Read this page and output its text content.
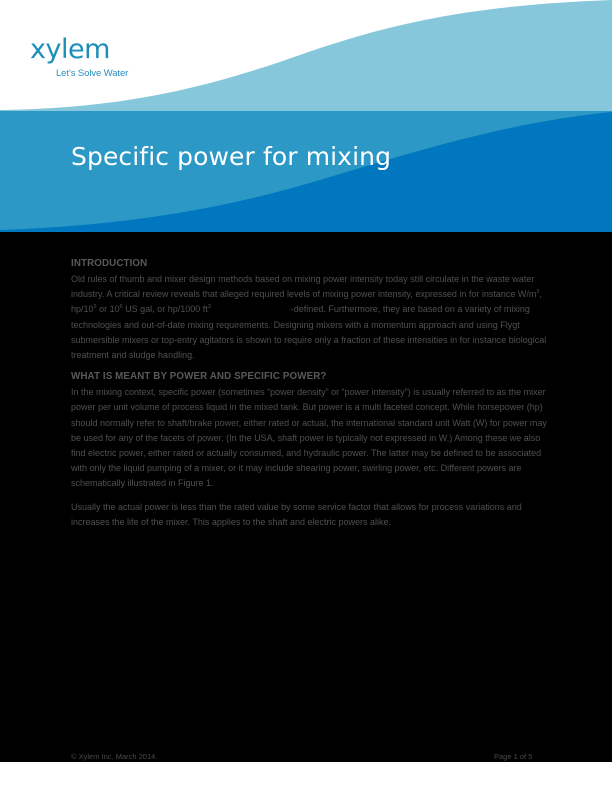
xylem
Let’s Solve Water
Specific power for mixing
INTRODUCTION

Old rules of thumb and mixer design methods based on mixing power intensity today still circulate in the waste water industry. A critical review reveals that alleged required levels of mixing power intensity, expressed in for instance $W/m^3$, $hp/10^3$ or $10^6$ US gal, or hp/1000 $ft^3$	-defined. Furthermore, they are based on a variety of mixing technologies and out-of-date mixing requirements. Designing mixers with a momentum approach and using Flygt submersible mixers or top-entry agitators is shown to require only a fraction of these intensities in for instance biological treatment and sludge handling.

WHAT IS MEANT BY POWER AND SPECIFIC POWER?

In the mixing context, specific power (sometimes “power density” or “power intensity”) is usually referred to as the mixer power per unit volume of process liquid in the mixed tank. But power is a multi faceted concept. While horsepower (hp) should normally refer to shaft/brake power, either rated or actual, the international standard unit Watt (W) for power may be used for any of the facets of power. (In the USA, shaft power is typically not expressed in W.) Among these we also find electric power, either rated or actually consumed, and hydraulic power. The latter may be defined to be associated with only the liquid pumping of a mixer, or it may include shearing power, swirling power, etc. Different powers are schematically illustrated in Figure 1.

Usually the actual power is less than the rated value by some service factor that allows for process variations and increases the life of the mixer. This applies to the shaft and electric powers alike.

© Xylem Inc. March 2014.	Page 1 of 5
